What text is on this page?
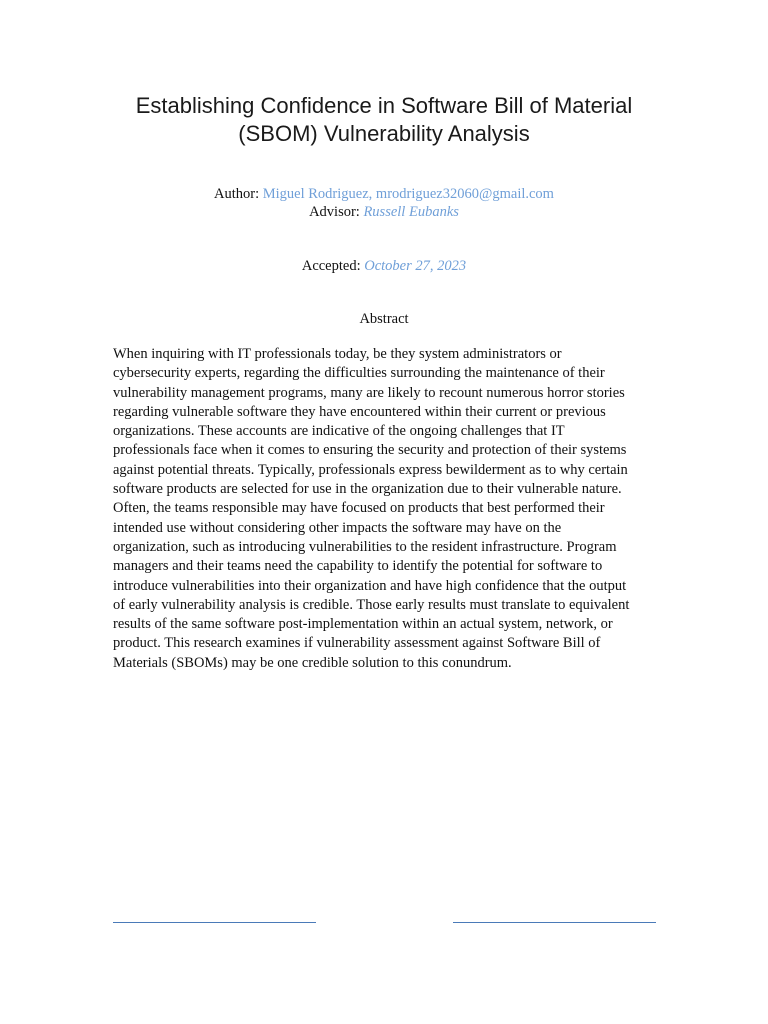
Establishing Confidence in Software Bill of Material
(SBOM) Vulnerability Analysis
Author: Miguel Rodriguez, mrodriguez32060@gmail.com
Advisor: Russell Eubanks
Accepted: October 27, 2023
Abstract

When inquiring with IT professionals today, be they system administrators or
cybersecurity experts, regarding the difficulties surrounding the maintenance of their
vulnerability management programs, many are likely to recount numerous horror stories
regarding vulnerable software they have encountered within their current or previous
organizations. These accounts are indicative of the ongoing challenges that IT
professionals face when it comes to ensuring the security and protection of their systems
against potential threats. Typically, professionals express bewilderment as to why certain
software products are selected for use in the organization due to their vulnerable nature.
Often, the teams responsible may have focused on products that best performed their
intended use without considering other impacts the software may have on the
organization, such as introducing vulnerabilities to the resident infrastructure. Program
managers and their teams need the capability to identify the potential for software to
introduce vulnerabilities into their organization and have high confidence that the output
of early vulnerability analysis is credible. Those early results must translate to equivalent
results of the same software post-implementation within an actual system, network, or
product. This research examines if vulnerability assessment against Software Bill of
Materials (SBOMs) may be one credible solution to this conundrum.
